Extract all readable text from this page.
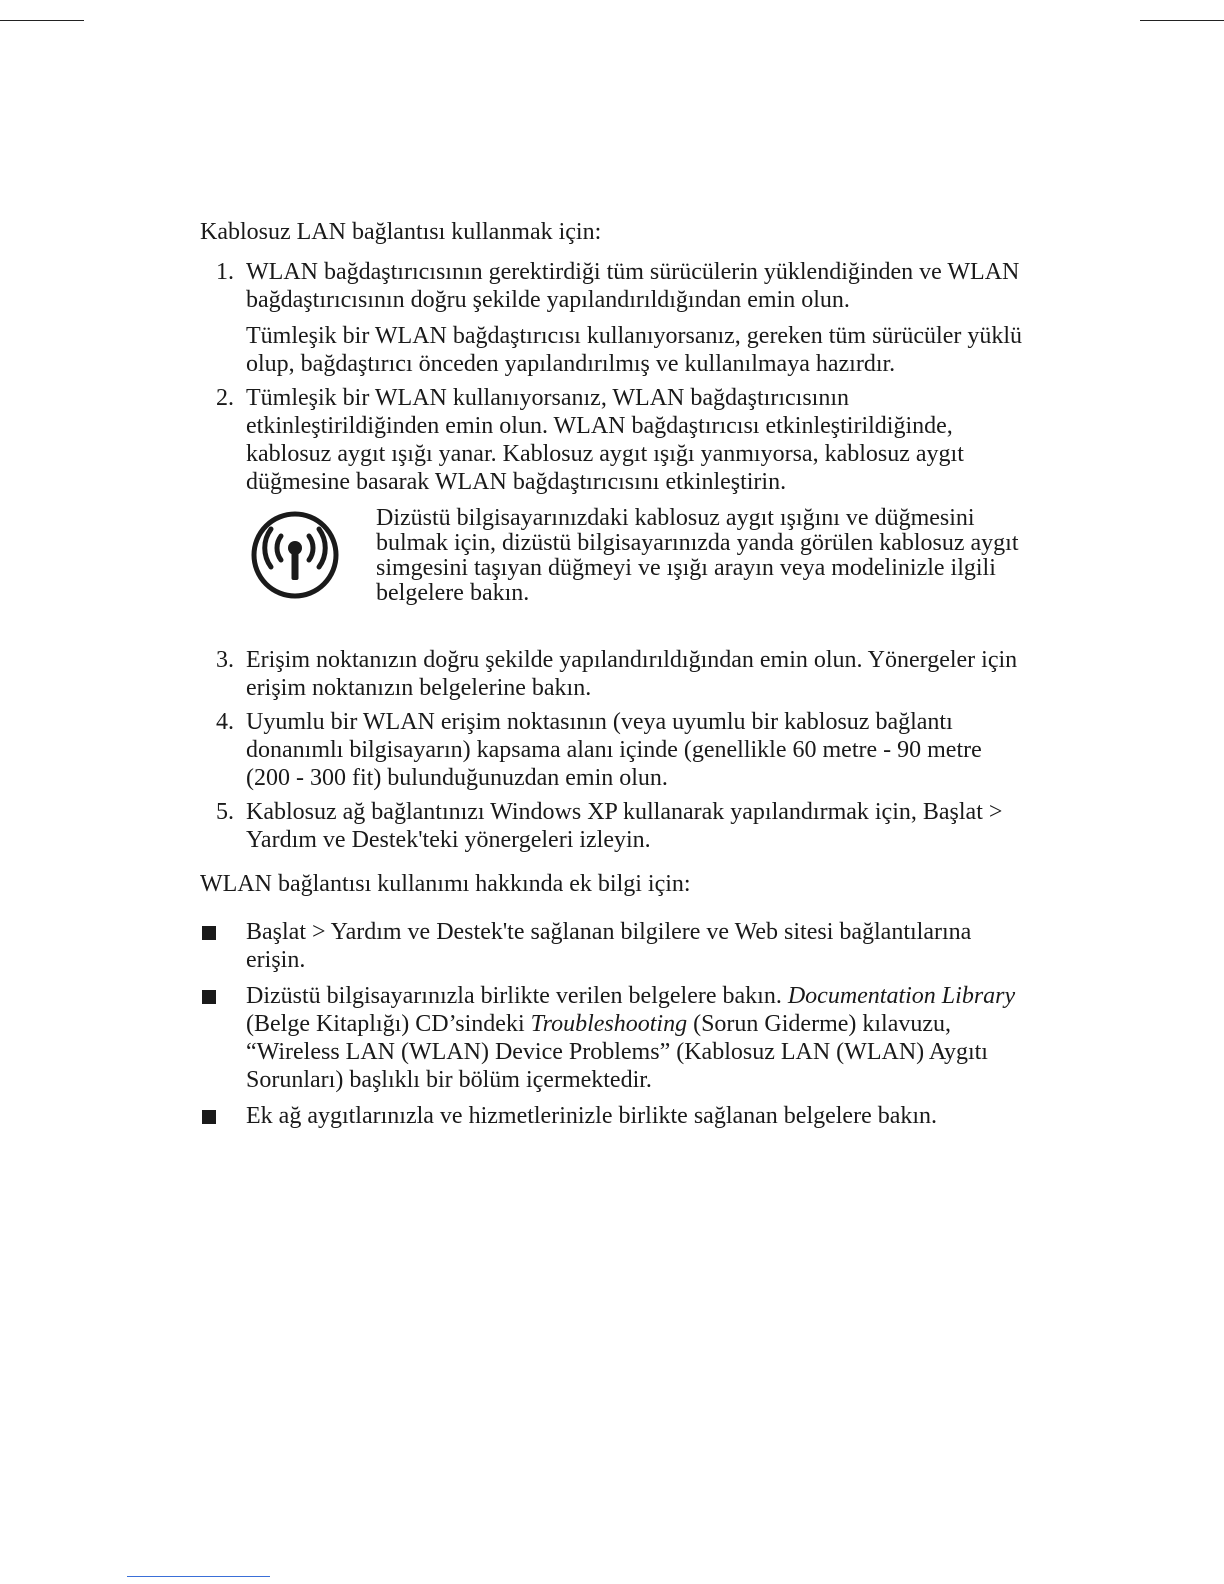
Kablosuz LAN bağlantısı kullanmak için:

1. WLAN bağdaştırıcısının gerektirdiği tüm sürücülerin yüklendiğinden ve WLAN bağdaştırıcısının doğru şekilde yapılandırıldığından emin olun.

Tümleşik bir WLAN bağdaştırıcısı kullanıyorsanız, gereken tüm sürücüler yüklü olup, bağdaştırıcı önceden yapılandırılmış ve kullanılmaya hazırdır.

2. Tümleşik bir WLAN kullanıyorsanız, WLAN bağdaştırıcısının etkinleştirildiğinden emin olun. WLAN bağdaştırıcısı etkinleştirildiğinde, kablosuz aygıt ışığı yanar. Kablosuz aygıt ışığı yanmıyorsa, kablosuz aygıt düğmesine basarak WLAN bağdaştırıcısını etkinleştirin.

Dizüstü bilgisayarınızdaki kablosuz aygıt ışığını ve düğmesini bulmak için, dizüstü bilgisayarınızda yanda görülen kablosuz aygıt simgesini taşıyan düğmeyi ve ışığı arayın veya modelinizle ilgili belgelere bakın.

3. Erişim noktanızın doğru şekilde yapılandırıldığından emin olun. Yönergeler için erişim noktanızın belgelerine bakın.

4. Uyumlu bir WLAN erişim noktasının (veya uyumlu bir kablosuz bağlantı donanımlı bilgisayarın) kapsama alanı içinde (genellikle 60 metre - 90 metre (200 - 300 fit) bulunduğunuzdan emin olun.

5. Kablosuz ağ bağlantınızı Windows XP kullanarak yapılandırmak için, Başlat > Yardım ve Destek'teki yönergeleri izleyin.

WLAN bağlantısı kullanımı hakkında ek bilgi için:

Başlat > Yardım ve Destek'te sağlanan bilgilere ve Web sitesi bağlantılarına erişin.

Dizüstü bilgisayarınızla birlikte verilen belgelere bakın. Documentation Library (Belge Kitaplığı) CD’sindeki Troubleshooting (Sorun Giderme) kılavuzu, “Wireless LAN (WLAN) Device Problems” (Kablosuz LAN (WLAN) Aygıtı Sorunları) başlıklı bir bölüm içermektedir.

Ek ağ aygıtlarınızla ve hizmetlerinizle birlikte sağlanan belgelere bakın.
